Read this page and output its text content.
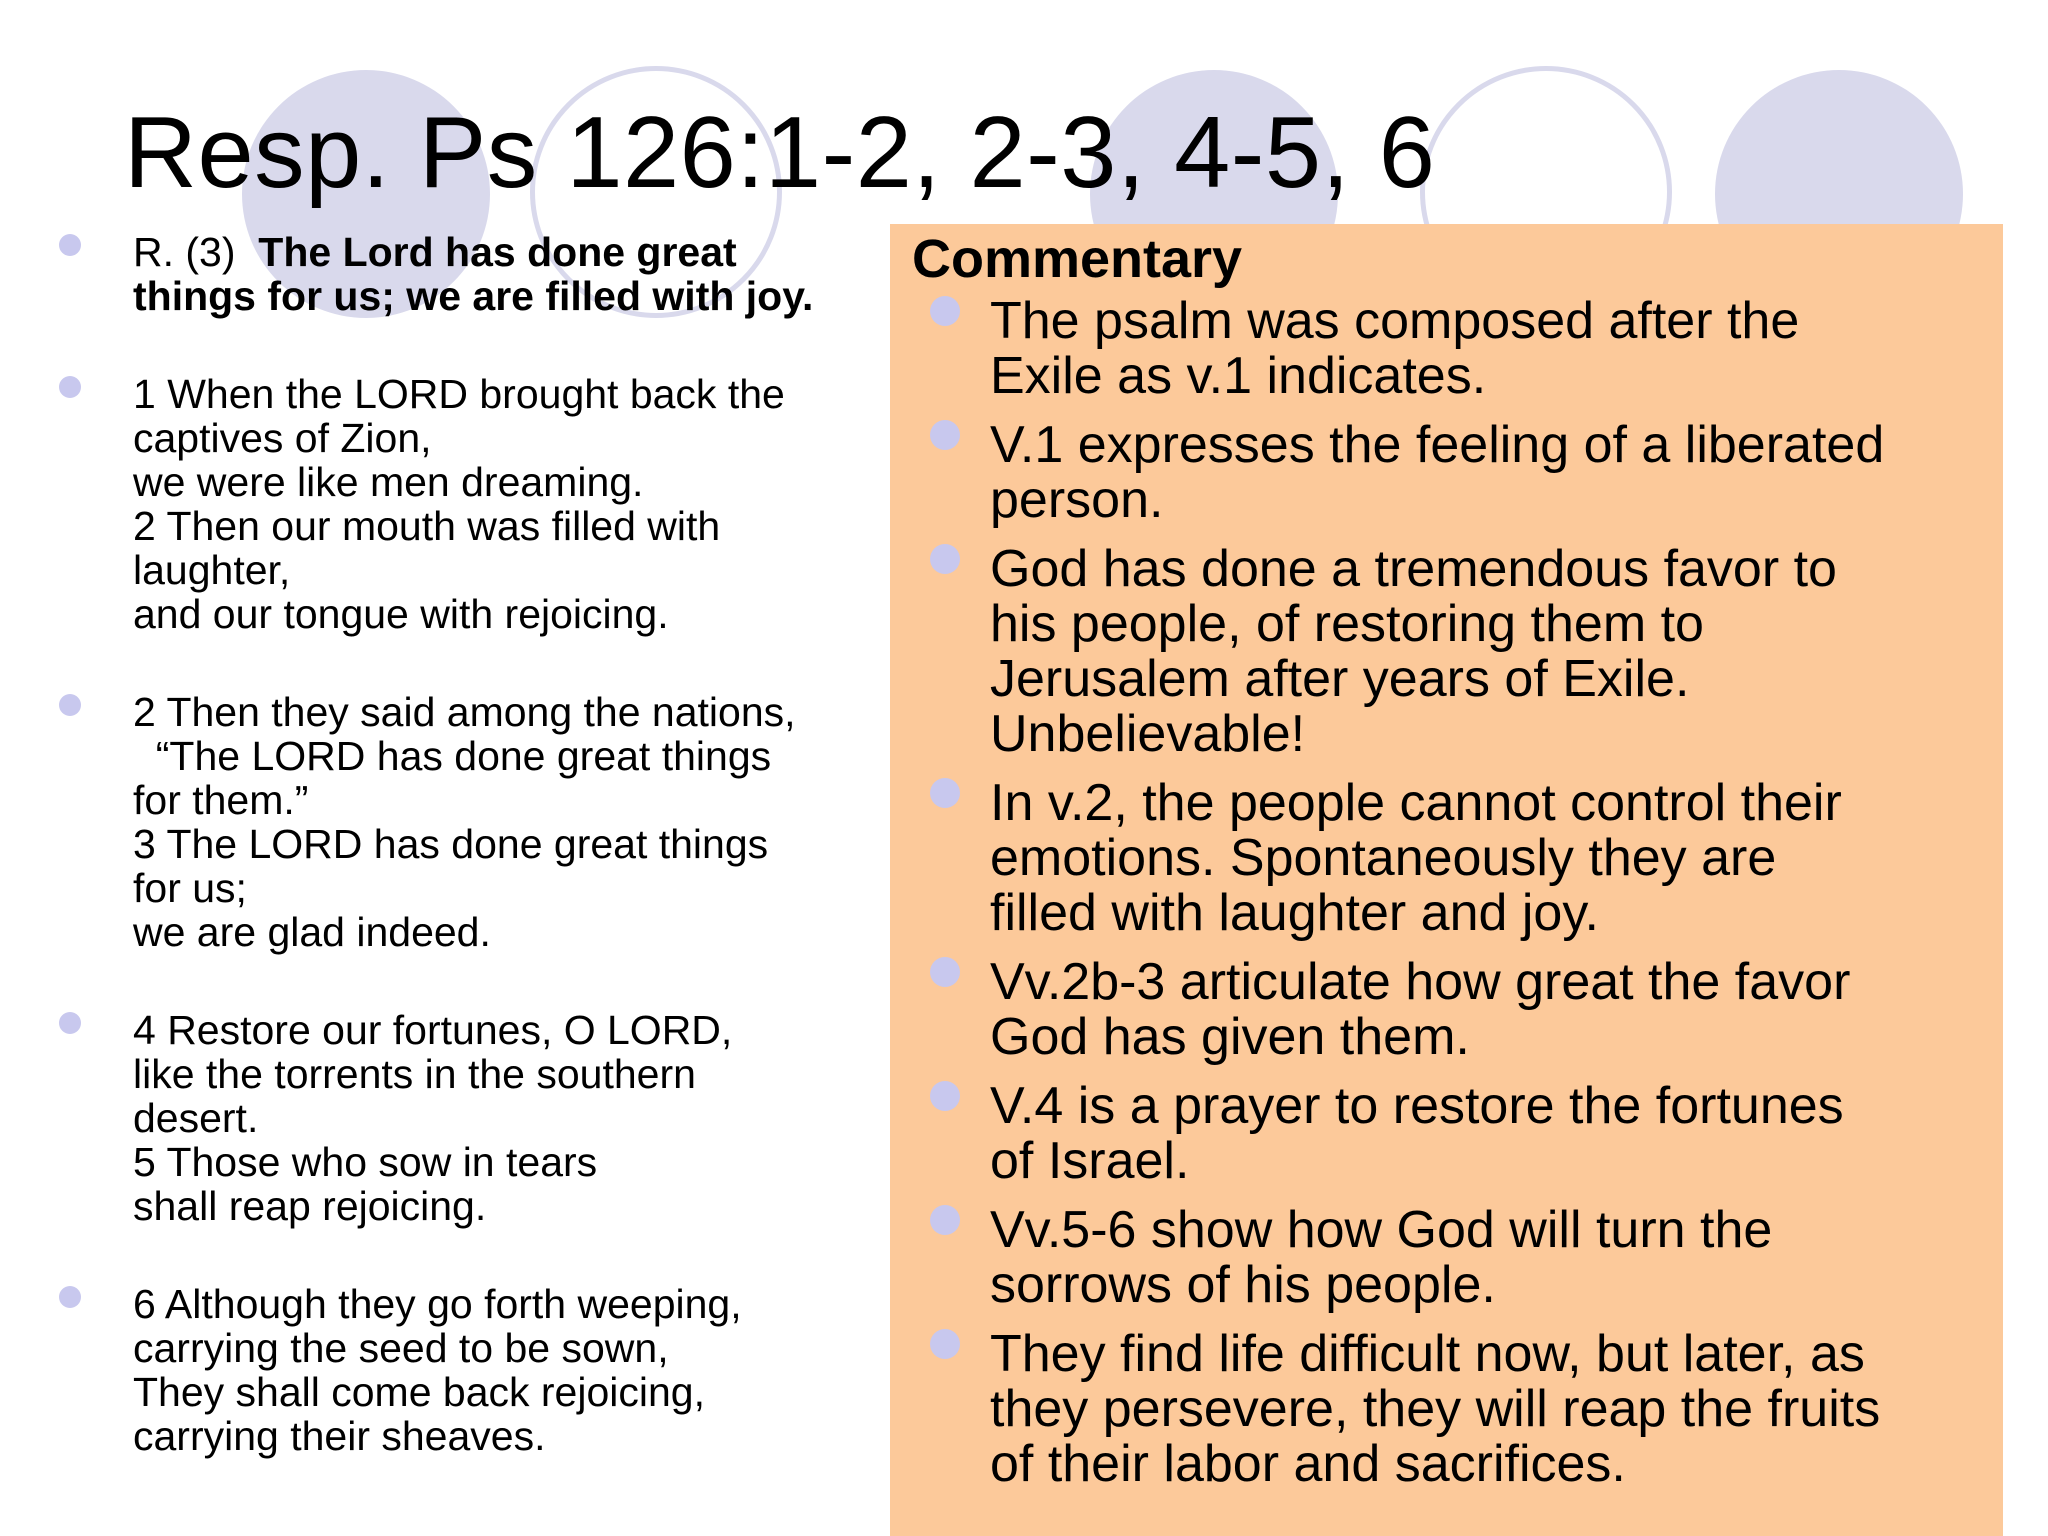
Resp. Ps 126:1-2, 2-3, 4-5, 6
R. (3) The Lord has done great
things for us; we are filled with joy.
1 When the LORD brought back the
captives of Zion,
we were like men dreaming.
2 Then our mouth was filled with
laughter,
and our tongue with rejoicing.
2 Then they said among the nations,
“The LORD has done great things
for them.”
3 The LORD has done great things
for us;
we are glad indeed.
4 Restore our fortunes, O LORD,
like the torrents in the southern
desert.
5 Those who sow in tears
shall reap rejoicing.
6 Although they go forth weeping,
carrying the seed to be sown,
They shall come back rejoicing,
carrying their sheaves.
Commentary
The psalm was composed after the
Exile as v.1 indicates.
V.1 expresses the feeling of a liberated
person.
God has done a tremendous favor to
his people, of restoring them to
Jerusalem after years of Exile.
Unbelievable!
In v.2, the people cannot control their
emotions. Spontaneously they are
filled with laughter and joy.
Vv.2b-3 articulate how great the favor
God has given them.
V.4 is a prayer to restore the fortunes
of Israel.
Vv.5-6 show how God will turn the
sorrows of his people.
They find life difficult now, but later, as
they persevere, they will reap the fruits
of their labor and sacrifices.
